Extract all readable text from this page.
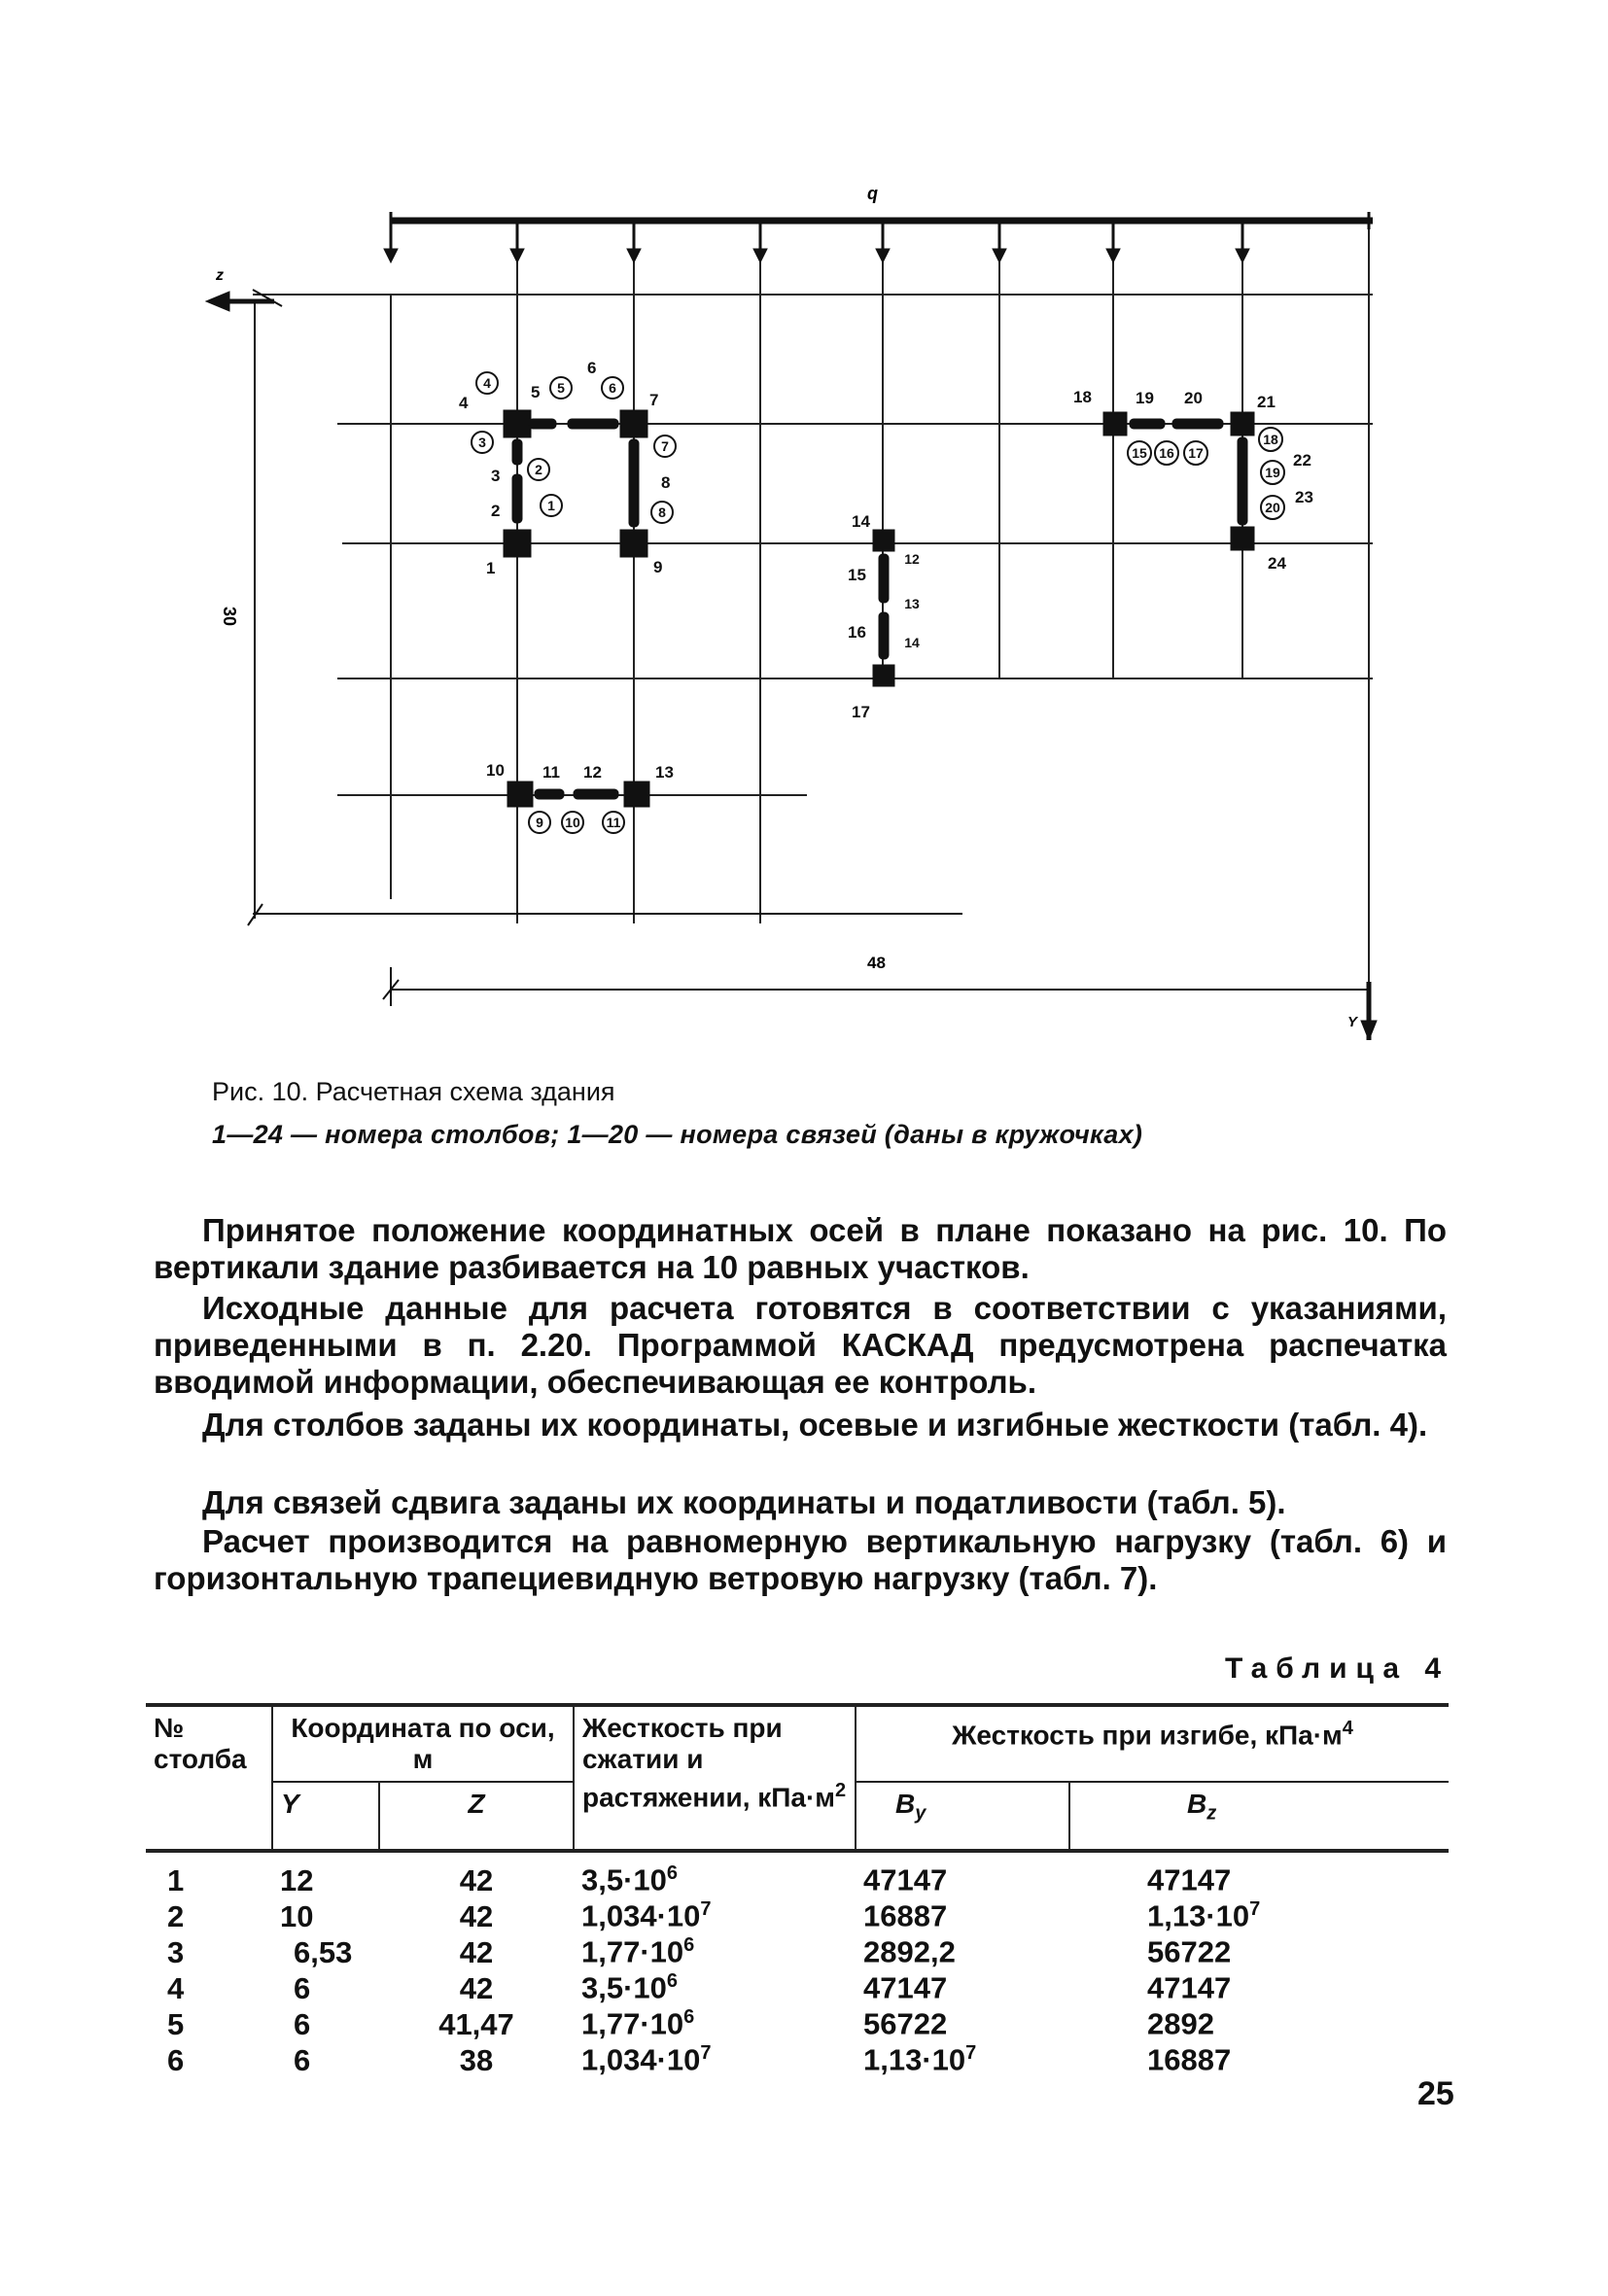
q
z
Y
30
48
1
2
3
4
5
6
7
8
9
10 11 12	13
14
15
16
17
18	19 20	21
22
23
24
1
2
3
4	5	6
7
8
9 10 11
12
13
14
15 16 17
18
19
20
Рис. 10. Расчетная схема здания
1—24 — номера столбов; 1—20 — номера связей (даны в кружочках)
Принятое положение координатных осей в плане показано на рис. 10. По вертикали здание разбивается на 10 равных участков.
Исходные данные для расчета готовятся в соответствии с указаниями, приведенными в п. 2.20. Программой КАСКАД предусмотрена распечатка вводимой информации, обеспечивающая ее контроль.
Для столбов заданы их координаты, осевые и изгибные жесткости (табл. 4).
Для связей сдвига заданы их координаты и податливости (табл. 5).
Расчет производится на равномерную вертикальную нагрузку (табл. 6) и горизонтальную трапециевидную ветровую нагрузку (табл. 7).
Таблица 4
№ столба	Координата по оси, м		Жесткость при сжатии и растяжении, $кПа\cdot м^2$	Жесткость при изгибе, $кПа\cdot м^4$
	Y	Z		$B_y$	$B_z$
1	12	42	$3,5\cdot 10^6$	47147	47147
2	10	42	$1,034\cdot 10^7$	16887	$1,13\cdot 10^7$
3	6,53	42	$1,77\cdot 10^6$	2892,2	56722
4	6	42	$3,5\cdot 10^6$	47147	47147
5	6	41,47	$1,77\cdot 10^6$	56722	2892
6	6	38	$1,034\cdot 10^7$	$1,13\cdot 10^7$	16887
25
